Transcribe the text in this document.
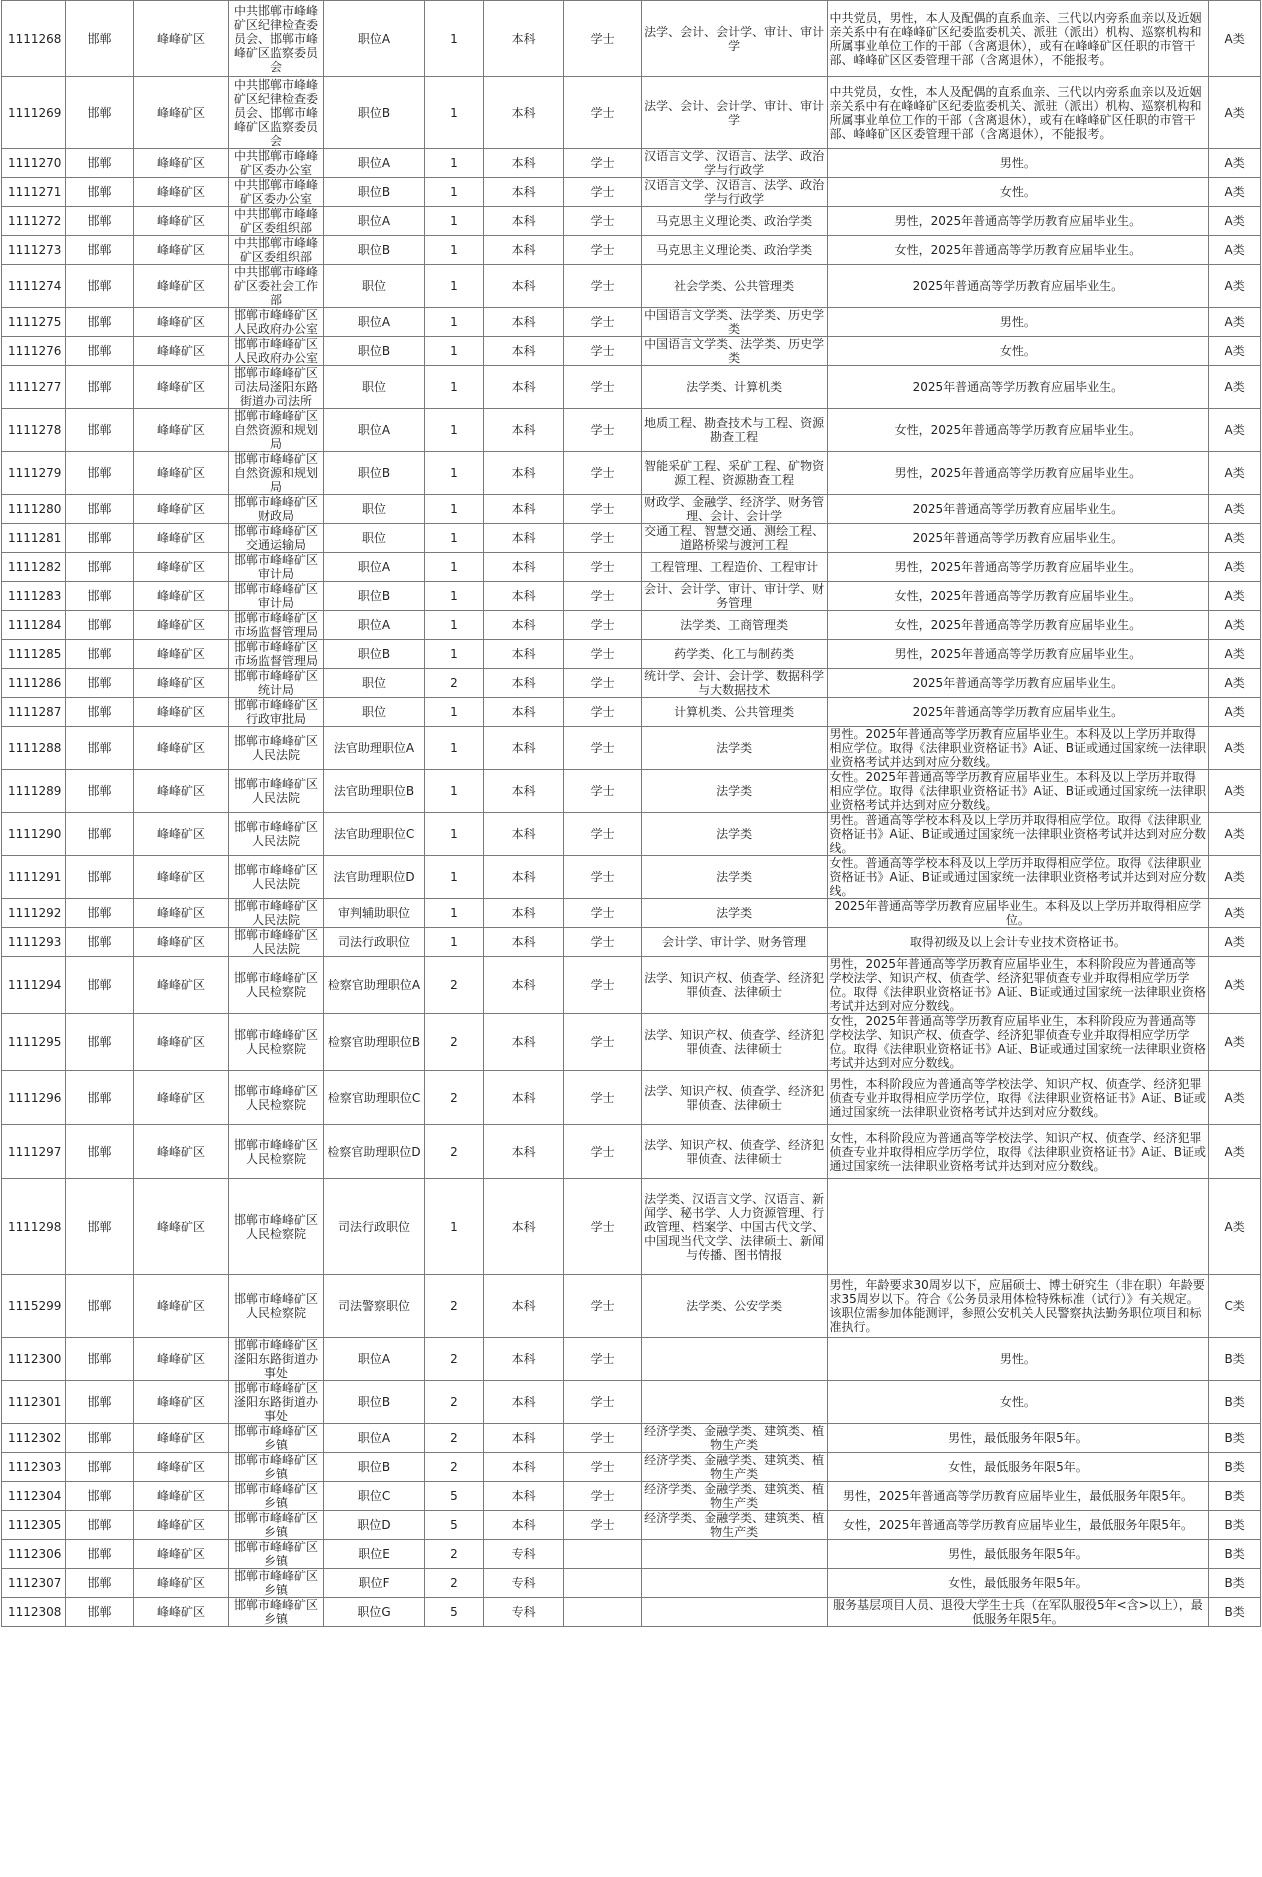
1111268	邯郸	峰峰矿区	中共邯郸市峰峰矿区纪律检查委员会、邯郸市峰峰矿区监察委员会	职位A	1	本科	学士	法学、会计、会计学、审计、审计学	中共党员，男性，本人及配偶的直系血亲、三代以内旁系血亲以及近姻亲关系中有在峰峰矿区纪委监委机关、派驻（派出）机构、巡察机构和所属事业单位工作的干部（含离退休），或有在峰峰矿区任职的市管干部、峰峰矿区区委管理干部（含离退休），不能报考。	A类
1111269	邯郸	峰峰矿区	中共邯郸市峰峰矿区纪律检查委员会、邯郸市峰峰矿区监察委员会	职位B	1	本科	学士	法学、会计、会计学、审计、审计学	中共党员，女性，本人及配偶的直系血亲、三代以内旁系血亲以及近姻亲关系中有在峰峰矿区纪委监委机关、派驻（派出）机构、巡察机构和所属事业单位工作的干部（含离退休），或有在峰峰矿区任职的市管干部、峰峰矿区区委管理干部（含离退休），不能报考。	A类
1111270	邯郸	峰峰矿区	中共邯郸市峰峰矿区委办公室	职位A	1	本科	学士	汉语言文学、汉语言、法学、政治学与行政学	男性。	A类
1111271	邯郸	峰峰矿区	中共邯郸市峰峰矿区委办公室	职位B	1	本科	学士	汉语言文学、汉语言、法学、政治学与行政学	女性。	A类
1111272	邯郸	峰峰矿区	中共邯郸市峰峰矿区委组织部	职位A	1	本科	学士	马克思主义理论类、政治学类	男性，2025年普通高等学历教育应届毕业生。	A类
1111273	邯郸	峰峰矿区	中共邯郸市峰峰矿区委组织部	职位B	1	本科	学士	马克思主义理论类、政治学类	女性，2025年普通高等学历教育应届毕业生。	A类
1111274	邯郸	峰峰矿区	中共邯郸市峰峰矿区委社会工作部	职位	1	本科	学士	社会学类、公共管理类	2025年普通高等学历教育应届毕业生。	A类
1111275	邯郸	峰峰矿区	邯郸市峰峰矿区人民政府办公室	职位A	1	本科	学士	中国语言文学类、法学类、历史学类	男性。	A类
1111276	邯郸	峰峰矿区	邯郸市峰峰矿区人民政府办公室	职位B	1	本科	学士	中国语言文学类、法学类、历史学类	女性。	A类
1111277	邯郸	峰峰矿区	邯郸市峰峰矿区司法局滏阳东路街道办司法所	职位	1	本科	学士	法学类、计算机类	2025年普通高等学历教育应届毕业生。	A类
1111278	邯郸	峰峰矿区	邯郸市峰峰矿区自然资源和规划局	职位A	1	本科	学士	地质工程、勘查技术与工程、资源勘查工程	女性，2025年普通高等学历教育应届毕业生。	A类
1111279	邯郸	峰峰矿区	邯郸市峰峰矿区自然资源和规划局	职位B	1	本科	学士	智能采矿工程、采矿工程、矿物资源工程、资源勘查工程	男性，2025年普通高等学历教育应届毕业生。	A类
1111280	邯郸	峰峰矿区	邯郸市峰峰矿区财政局	职位	1	本科	学士	财政学、金融学、经济学、财务管理、会计、会计学	2025年普通高等学历教育应届毕业生。	A类
1111281	邯郸	峰峰矿区	邯郸市峰峰矿区交通运输局	职位	1	本科	学士	交通工程、智慧交通、测绘工程、道路桥梁与渡河工程	2025年普通高等学历教育应届毕业生。	A类
1111282	邯郸	峰峰矿区	邯郸市峰峰矿区审计局	职位A	1	本科	学士	工程管理、工程造价、工程审计	男性，2025年普通高等学历教育应届毕业生。	A类
1111283	邯郸	峰峰矿区	邯郸市峰峰矿区审计局	职位B	1	本科	学士	会计、会计学、审计、审计学、财务管理	女性，2025年普通高等学历教育应届毕业生。	A类
1111284	邯郸	峰峰矿区	邯郸市峰峰矿区市场监督管理局	职位A	1	本科	学士	法学类、工商管理类	女性，2025年普通高等学历教育应届毕业生。	A类
1111285	邯郸	峰峰矿区	邯郸市峰峰矿区市场监督管理局	职位B	1	本科	学士	药学类、化工与制药类	男性，2025年普通高等学历教育应届毕业生。	A类
1111286	邯郸	峰峰矿区	邯郸市峰峰矿区统计局	职位	2	本科	学士	统计学、会计、会计学、数据科学与大数据技术	2025年普通高等学历教育应届毕业生。	A类
1111287	邯郸	峰峰矿区	邯郸市峰峰矿区行政审批局	职位	1	本科	学士	计算机类、公共管理类	2025年普通高等学历教育应届毕业生。	A类
1111288	邯郸	峰峰矿区	邯郸市峰峰矿区人民法院	法官助理职位A	1	本科	学士	法学类	男性。2025年普通高等学历教育应届毕业生。本科及以上学历并取得相应学位。取得《法律职业资格证书》A证、B证或通过国家统一法律职业资格考试并达到对应分数线。	A类
1111289	邯郸	峰峰矿区	邯郸市峰峰矿区人民法院	法官助理职位B	1	本科	学士	法学类	女性。2025年普通高等学历教育应届毕业生。本科及以上学历并取得相应学位。取得《法律职业资格证书》A证、B证或通过国家统一法律职业资格考试并达到对应分数线。	A类
1111290	邯郸	峰峰矿区	邯郸市峰峰矿区人民法院	法官助理职位C	1	本科	学士	法学类	男性。普通高等学校本科及以上学历并取得相应学位。取得《法律职业资格证书》A证、B证或通过国家统一法律职业资格考试并达到对应分数线。	A类
1111291	邯郸	峰峰矿区	邯郸市峰峰矿区人民法院	法官助理职位D	1	本科	学士	法学类	女性。普通高等学校本科及以上学历并取得相应学位。取得《法律职业资格证书》A证、B证或通过国家统一法律职业资格考试并达到对应分数线。	A类
1111292	邯郸	峰峰矿区	邯郸市峰峰矿区人民法院	审判辅助职位	1	本科	学士	法学类	2025年普通高等学历教育应届毕业生。本科及以上学历并取得相应学位。	A类
1111293	邯郸	峰峰矿区	邯郸市峰峰矿区人民法院	司法行政职位	1	本科	学士	会计学、审计学、财务管理	取得初级及以上会计专业技术资格证书。	A类
1111294	邯郸	峰峰矿区	邯郸市峰峰矿区人民检察院	检察官助理职位A	2	本科	学士	法学、知识产权、侦查学、经济犯罪侦查、法律硕士	男性，2025年普通高等学历教育应届毕业生，本科阶段应为普通高等学校法学、知识产权、侦查学、经济犯罪侦查专业并取得相应学历学位。取得《法律职业资格证书》A证、B证或通过国家统一法律职业资格考试并达到对应分数线。	A类
1111295	邯郸	峰峰矿区	邯郸市峰峰矿区人民检察院	检察官助理职位B	2	本科	学士	法学、知识产权、侦查学、经济犯罪侦查、法律硕士	女性，2025年普通高等学历教育应届毕业生，本科阶段应为普通高等学校法学、知识产权、侦查学、经济犯罪侦查专业并取得相应学历学位。取得《法律职业资格证书》A证、B证或通过国家统一法律职业资格考试并达到对应分数线。	A类
1111296	邯郸	峰峰矿区	邯郸市峰峰矿区人民检察院	检察官助理职位C	2	本科	学士	法学、知识产权、侦查学、经济犯罪侦查、法律硕士	男性，本科阶段应为普通高等学校法学、知识产权、侦查学、经济犯罪侦查专业并取得相应学历学位，取得《法律职业资格证书》A证、B证或通过国家统一法律职业资格考试并达到对应分数线。	A类
1111297	邯郸	峰峰矿区	邯郸市峰峰矿区人民检察院	检察官助理职位D	2	本科	学士	法学、知识产权、侦查学、经济犯罪侦查、法律硕士	女性，本科阶段应为普通高等学校法学、知识产权、侦查学、经济犯罪侦查专业并取得相应学历学位，取得《法律职业资格证书》A证、B证或通过国家统一法律职业资格考试并达到对应分数线。	A类
1111298	邯郸	峰峰矿区	邯郸市峰峰矿区人民检察院	司法行政职位	1	本科	学士	法学类、汉语言文学、汉语言、新闻学、秘书学、人力资源管理、行政管理、档案学、中国古代文学、中国现当代文学、法律硕士、新闻与传播、图书情报		A类
1115299	邯郸	峰峰矿区	邯郸市峰峰矿区人民检察院	司法警察职位	2	本科	学士	法学类、公安学类	男性，年龄要求30周岁以下，应届硕士、博士研究生（非在职）年龄要求35周岁以下。符合《公务员录用体检特殊标准（试行）》有关规定。该职位需参加体能测评，参照公安机关人民警察执法勤务职位项目和标准执行。	C类
1112300	邯郸	峰峰矿区	邯郸市峰峰矿区滏阳东路街道办事处	职位A	2	本科	学士		男性。	B类
1112301	邯郸	峰峰矿区	邯郸市峰峰矿区滏阳东路街道办事处	职位B	2	本科	学士		女性。	B类
1112302	邯郸	峰峰矿区	邯郸市峰峰矿区乡镇	职位A	2	本科	学士	经济学类、金融学类、建筑类、植物生产类	男性，最低服务年限5年。	B类
1112303	邯郸	峰峰矿区	邯郸市峰峰矿区乡镇	职位B	2	本科	学士	经济学类、金融学类、建筑类、植物生产类	女性，最低服务年限5年。	B类
1112304	邯郸	峰峰矿区	邯郸市峰峰矿区乡镇	职位C	5	本科	学士	经济学类、金融学类、建筑类、植物生产类	男性，2025年普通高等学历教育应届毕业生，最低服务年限5年。	B类
1112305	邯郸	峰峰矿区	邯郸市峰峰矿区乡镇	职位D	5	本科	学士	经济学类、金融学类、建筑类、植物生产类	女性，2025年普通高等学历教育应届毕业生，最低服务年限5年。	B类
1112306	邯郸	峰峰矿区	邯郸市峰峰矿区乡镇	职位E	2	专科			男性，最低服务年限5年。	B类
1112307	邯郸	峰峰矿区	邯郸市峰峰矿区乡镇	职位F	2	专科			女性，最低服务年限5年。	B类
1112308	邯郸	峰峰矿区	邯郸市峰峰矿区乡镇	职位G	5	专科			服务基层项目人员、退役大学生士兵（在军队服役5年<含>以上），最低服务年限5年。	B类
